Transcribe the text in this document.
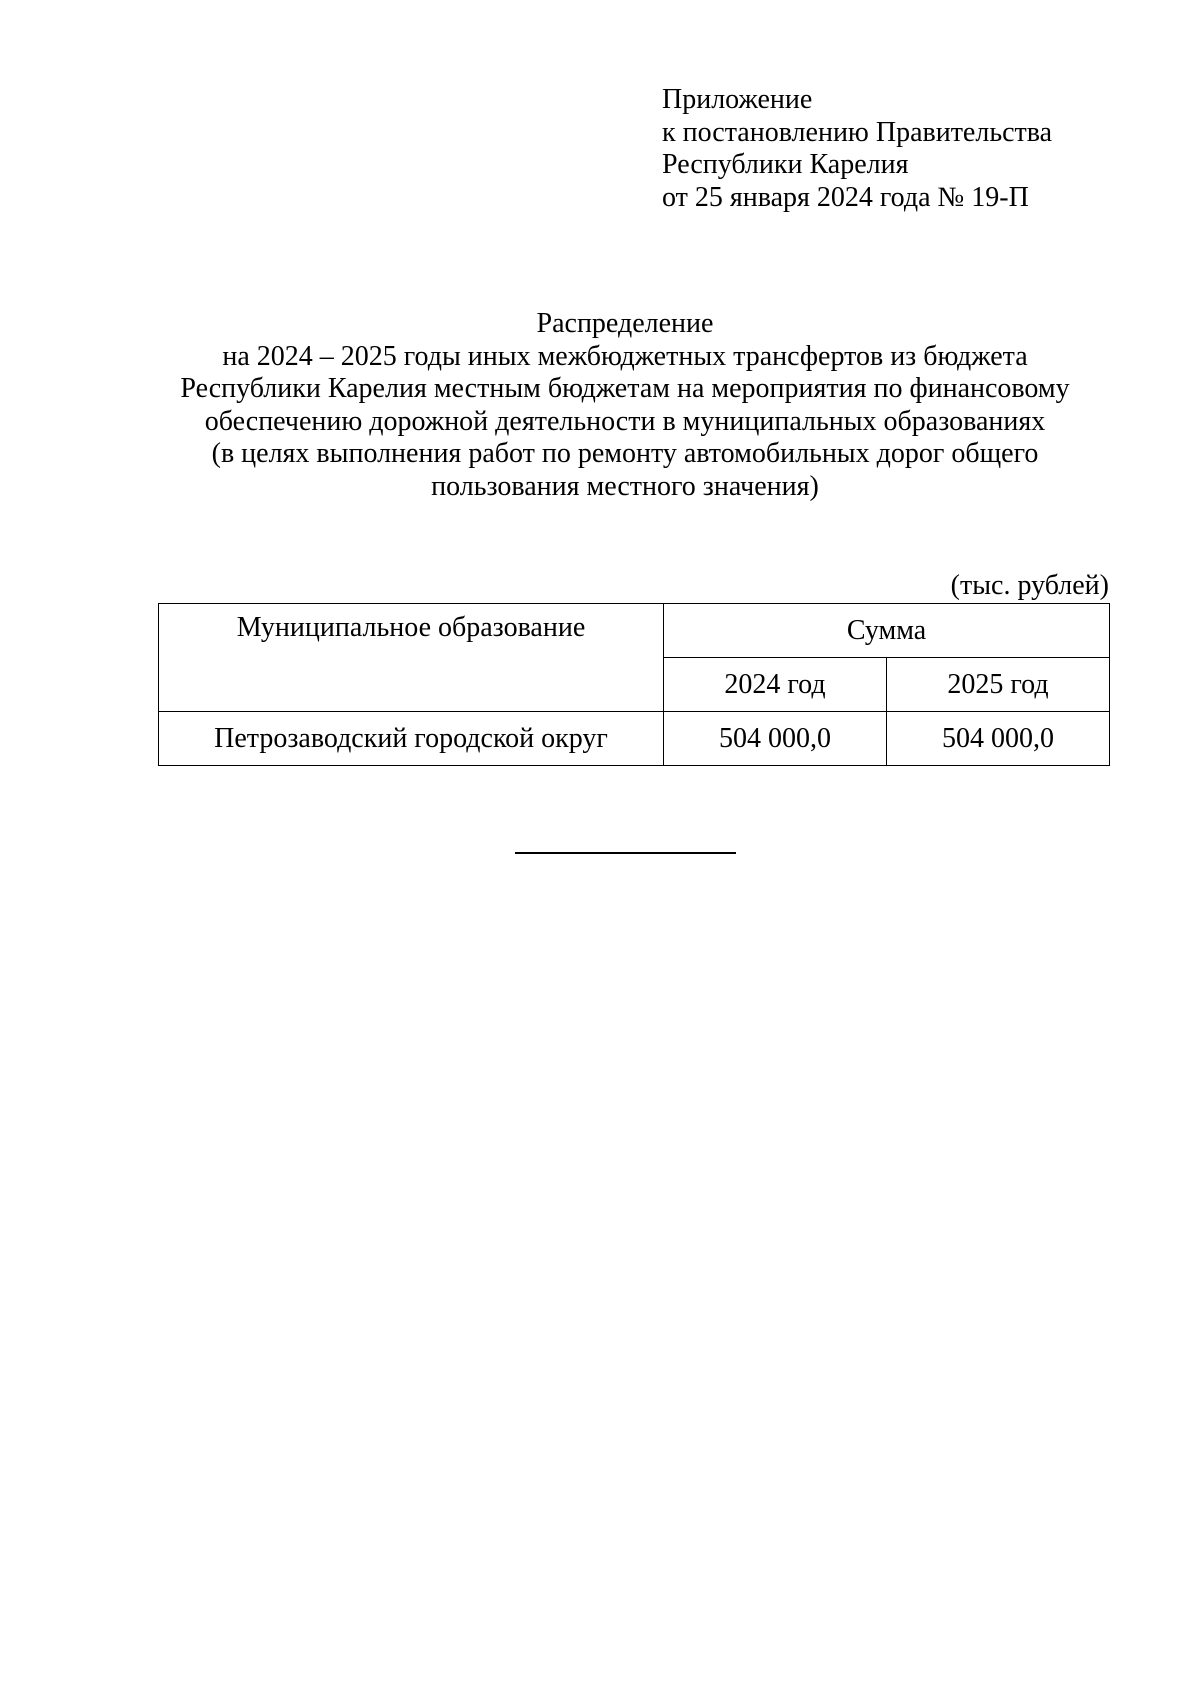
Приложение
к постановлению Правительства
Республики Карелия
от 25 января 2024 года № 19-П
Распределение
на 2024 – 2025 годы иных межбюджетных трансфертов из бюджета
Республики Карелия местным бюджетам на мероприятия по финансовому
обеспечению дорожной деятельности в муниципальных образованиях
(в целях выполнения работ по ремонту автомобильных дорог общего
пользования местного значения)
(тыс. рублей)
Муниципальное образование	Сумма	
	2024 год	2025 год
Петрозаводский городской округ	504 000,0	504 000,0
